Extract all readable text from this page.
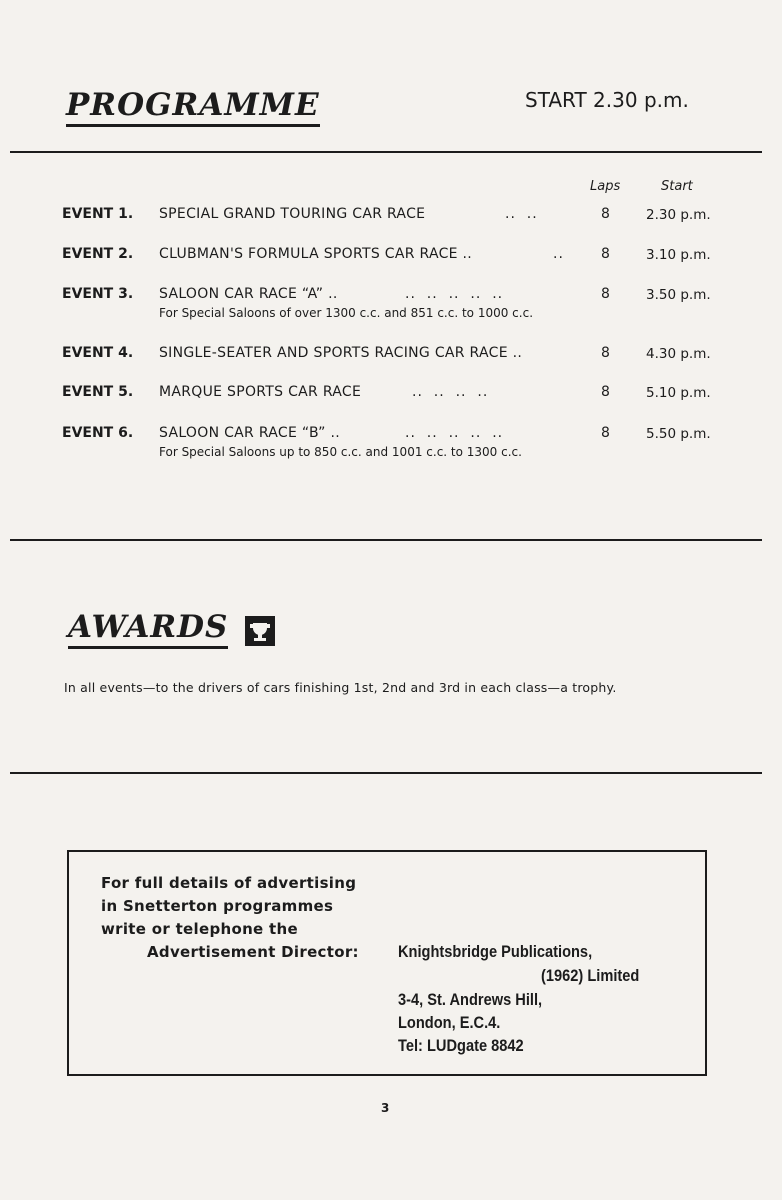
PROGRAMME	START 2.30 p.m.
Laps	Start
EVENT 1. SPECIAL GRAND TOURING CAR RACE	..  ..	8	2.30 p.m.
EVENT 2. CLUBMAN'S FORMULA SPORTS CAR RACE ..	..	8	3.10 p.m.
EVENT 3. SALOON CAR RACE “A” ..	..  ..  ..  ..  ..	8	3.50 p.m.
For Special Saloons of over 1300 c.c. and 851 c.c. to 1000 c.c.
EVENT 4. SINGLE-SEATER AND SPORTS RACING CAR RACE ..	8	4.30 p.m.
EVENT 5. MARQUE SPORTS CAR RACE	..  ..  ..  ..	8	5.10 p.m.
EVENT 6. SALOON CAR RACE “B” ..	..  ..  ..  ..  ..	8	5.50 p.m.
For Special Saloons up to 850 c.c. and 1001 c.c. to 1300 c.c.
AWARDS
In all events—to the drivers of cars finishing 1st, 2nd and 3rd in each class—a trophy.
For full details of advertising
in Snetterton programmes
write or telephone the
Advertisement Director: Knightsbridge Publications,
(1962) Limited
3-4, St. Andrews Hill,
London, E.C.4.
Tel: LUDgate 8842
3
